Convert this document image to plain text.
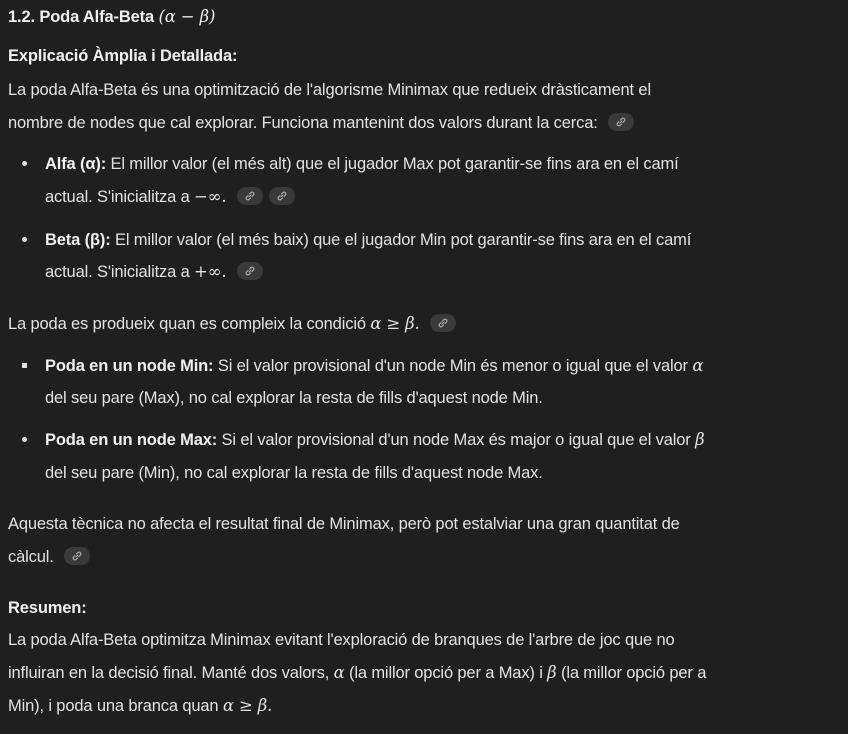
1.2. Poda Alfa-Beta (α − β)
Explicació Àmplia i Detallada:
La poda Alfa-Beta és una optimització de l'algorisme Minimax que redueix dràsticament el
nombre de nodes que cal explorar. Funciona mantenint dos valors durant la cerca:
Alfa (α): El millor valor (el més alt) que el jugador Max pot garantir-se fins ara en el camí
actual. S'inicialitza a −∞.
Beta (β): El millor valor (el més baix) que el jugador Min pot garantir-se fins ara en el camí
actual. S'inicialitza a +∞.
La poda es produeix quan es compleix la condició α ≥ β.
Poda en un node Min: Si el valor provisional d'un node Min és menor o igual que el valor α
del seu pare (Max), no cal explorar la resta de fills d'aquest node Min.
Poda en un node Max: Si el valor provisional d'un node Max és major o igual que el valor β
del seu pare (Min), no cal explorar la resta de fills d'aquest node Max.
Aquesta tècnica no afecta el resultat final de Minimax, però pot estalviar una gran quantitat de
càlcul.
Resumen:
La poda Alfa-Beta optimitza Minimax evitant l'exploració de branques de l'arbre de joc que no
influiran en la decisió final. Manté dos valors, α (la millor opció per a Max) i β (la millor opció per a
Min), i poda una branca quan α ≥ β.
